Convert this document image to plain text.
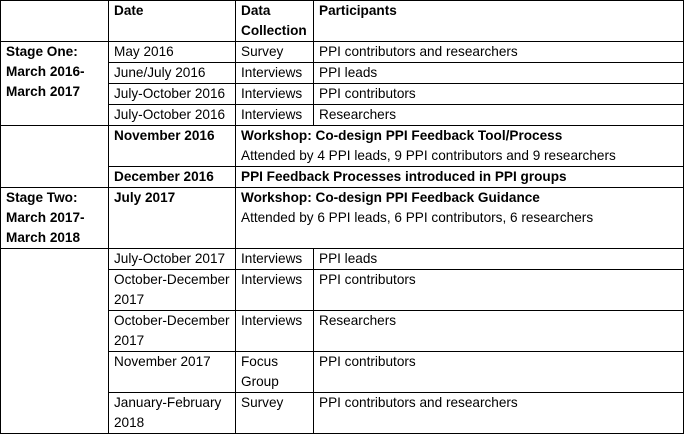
	Date	Data Collection	Participants
Stage One: March 2016-March 2017	May 2016	Survey	PPI contributors and researchers
	June/July 2016	Interviews	PPI leads
	July-October 2016	Interviews	PPI contributors
	July-October 2016	Interviews	Researchers
	November 2016	Workshop: Co-design PPI Feedback Tool/Process
Attended by 4 PPI leads, 9 PPI contributors and 9 researchers	

	December 2016	PPI Feedback Processes introduced in PPI groups	
Stage Two: March 2017-March 2018	July 2017	Workshop: Co-design PPI Feedback Guidance
Attended by 6 PPI leads, 6 PPI contributors, 6 researchers	

	July-October 2017	Interviews	PPI leads
	October-December 2017	Interviews	PPI contributors
	October-December 2017	Interviews	Researchers
	November 2017	Focus Group	PPI contributors
	January-February 2018	Survey	PPI contributors and researchers
